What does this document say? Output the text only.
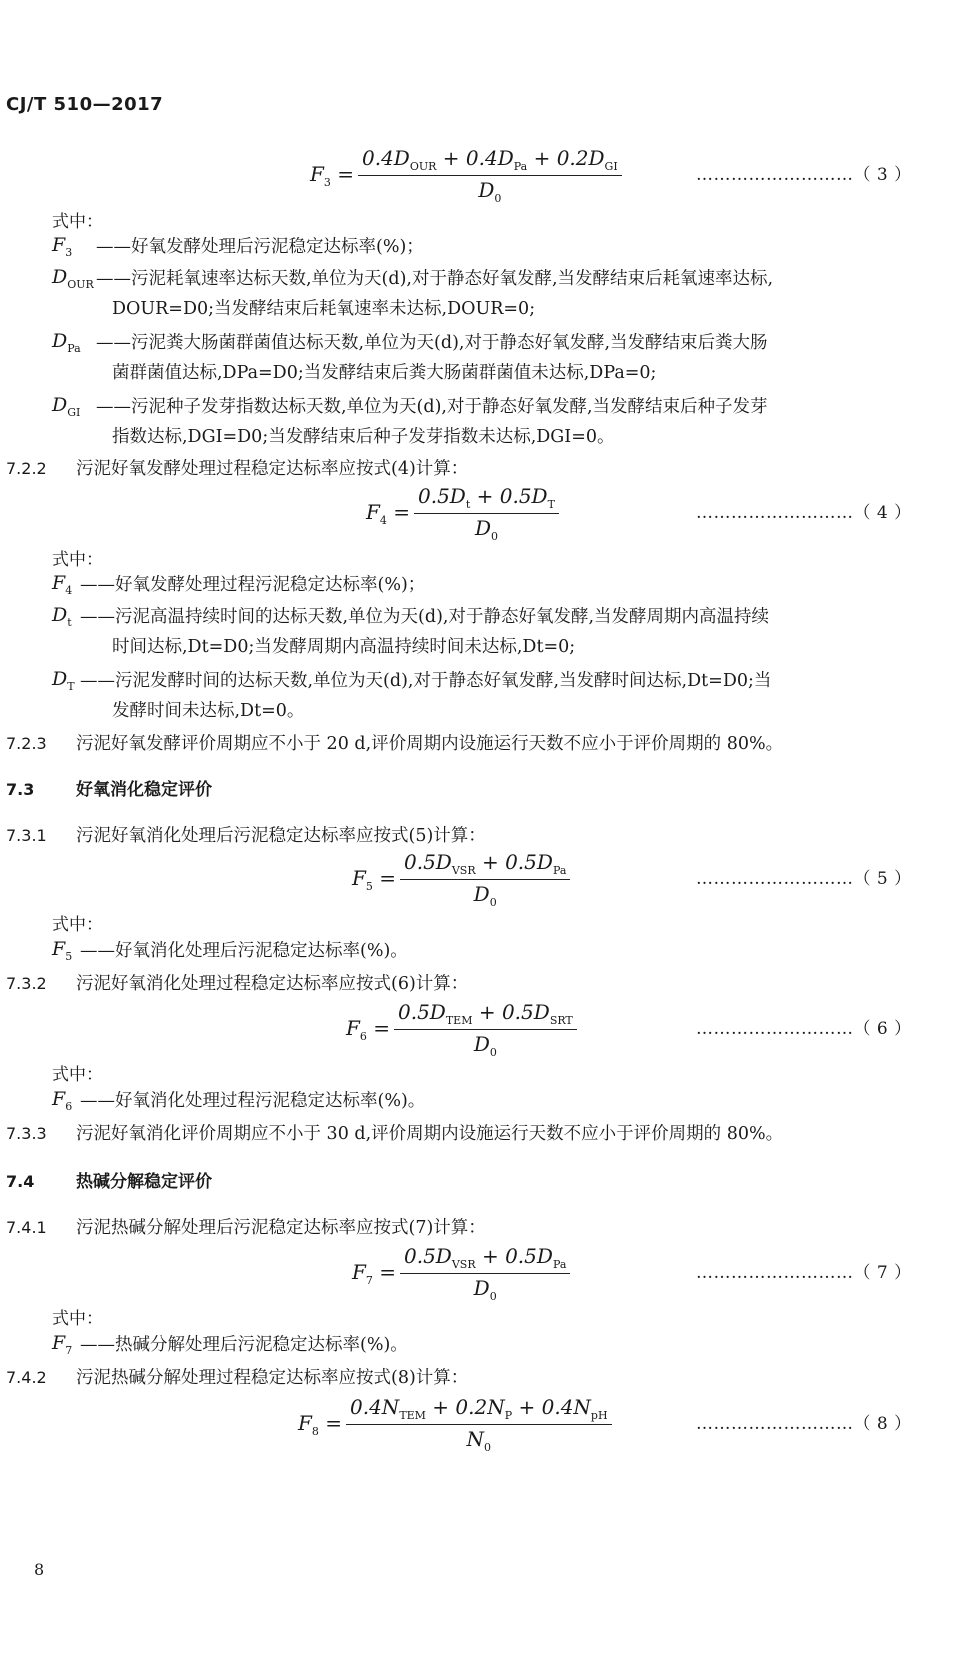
CJ/T 510—2017
$F_3$ =
$0.4D_{OUR} + 0.4D_{Pa} + 0.2D_{GI}$
$D_0$
………………………（ 3 ）
式中：
$F_3$ ——好氧发酵处理后污泥稳定达标率(%)；
$D_{OUR}$ ——污泥耗氧速率达标天数,单位为天(d),对于静态好氧发酵,当发酵结束后耗氧速率达标,
DOUR=D0;当发酵结束后耗氧速率未达标,DOUR=0;
$D_{Pa}$ ——污泥粪大肠菌群菌值达标天数,单位为天(d),对于静态好氧发酵,当发酵结束后粪大肠
菌群菌值达标,DPa=D0;当发酵结束后粪大肠菌群菌值未达标,DPa=0;
$D_{GI}$ ——污泥种子发芽指数达标天数,单位为天(d),对于静态好氧发酵,当发酵结束后种子发芽
指数达标,DGI=D0;当发酵结束后种子发芽指数未达标,DGI=0。
7.2.2 污泥好氧发酵处理过程稳定达标率应按式(4)计算：
$F_4 = \frac{0.5D_t + 0.5D_T}{D_0}$	………………………（ 4 ）
式中：
$F_4$ ——好氧发酵处理过程污泥稳定达标率(%)；
$D_t$ ——污泥高温持续时间的达标天数,单位为天(d),对于静态好氧发酵,当发酵周期内高温持续
时间达标,Dt=D0;当发酵周期内高温持续时间未达标,Dt=0;
$D_T$ ——污泥发酵时间的达标天数,单位为天(d),对于静态好氧发酵,当发酵时间达标,Dt=D0;当
发酵时间未达标,Dt=0。
7.2.3 污泥好氧发酵评价周期应不小于 20 d,评价周期内设施运行天数不应小于评价周期的 80%。
7.3 好氧消化稳定评价
7.3.1 污泥好氧消化处理后污泥稳定达标率应按式(5)计算：
$F_5$ =
$0.5D_{VSR} + 0.5D_{Pa}$
$D_0$
………………………（ 5 ）
式中：
$F_5$ ——好氧消化处理后污泥稳定达标率(%)。
7.3.2 污泥好氧消化处理过程稳定达标率应按式(6)计算：
$F_6$ =
$0.5D_{TEM} + 0.5D_{SRT}$
$D_0$
………………………（ 6 ）
式中：
$F_6$ ——好氧消化处理过程污泥稳定达标率(%)。
7.3.3 污泥好氧消化评价周期应不小于 30 d,评价周期内设施运行天数不应小于评价周期的 80%。
7.4 热碱分解稳定评价
7.4.1 污泥热碱分解处理后污泥稳定达标率应按式(7)计算：
$F_7$ =
$0.5D_{VSR} + 0.5D_{Pa}$
$D_0$
………………………（ 7 ）
式中：
$F_7$ ——热碱分解处理后污泥稳定达标率(%)。
7.4.2 污泥热碱分解处理过程稳定达标率应按式(8)计算：
$F_8$ =
$0.4N_{TEM} + 0.2N_P + 0.4N_{pH}$
$N_0$
………………………（ 8 ）
8
